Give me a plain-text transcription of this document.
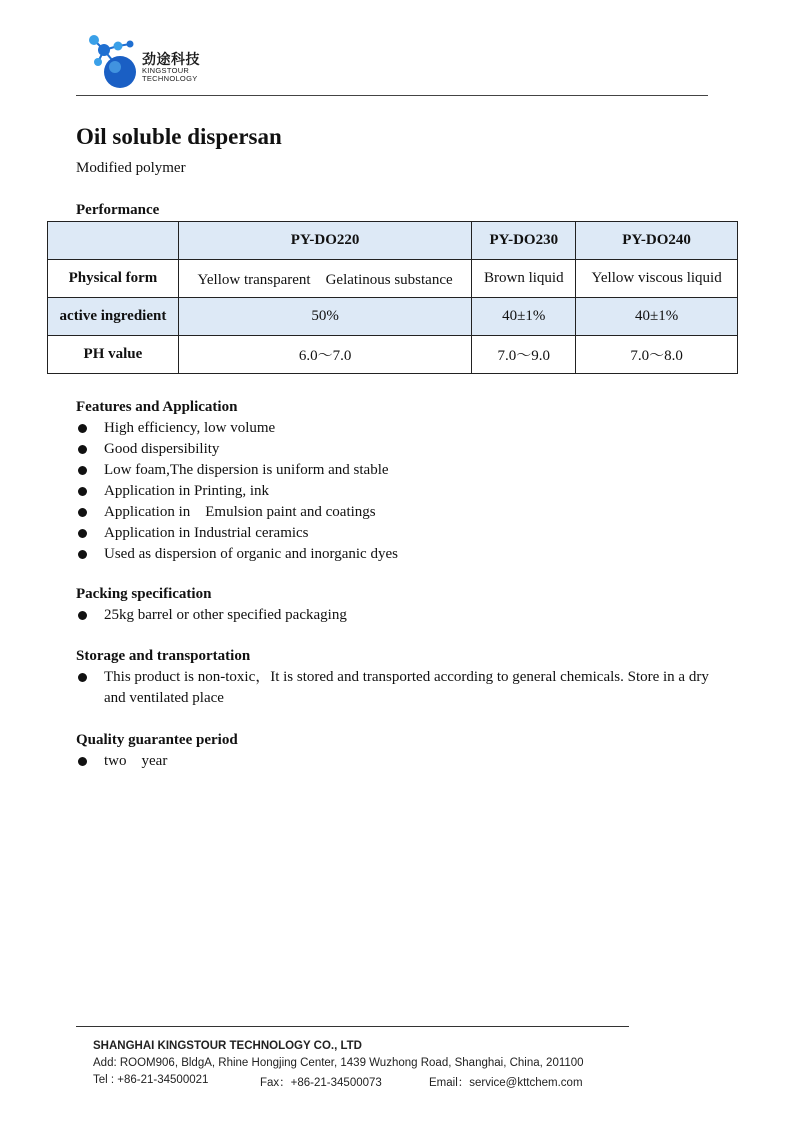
劲途科技
KINGSTOUR
TECHNOLOGY
Oil soluble dispersan
Modified polymer
Performance
	PY-DO220	PY-DO230	PY-DO240
Physical form	Yellow transparent　Gelatinous substance	Brown liquid	Yellow viscous liquid
active ingredient	50%	40±1%	40±1%
PH value	6.0～7.0	7.0～9.0	7.0～8.0
Features and Application
High efficiency, low volume
Good dispersibility
Low foam,The dispersion is uniform and stable
Application in Printing, ink
Application in　Emulsion paint and coatings
Application in Industrial ceramics
Used as dispersion of organic and inorganic dyes
Packing specification
25kg barrel or other specified packaging
Storage and transportation
This product is non-toxic，It is stored and transported according to general chemicals. Store in a dry and ventilated place
Quality guarantee period
two　year
SHANGHAI KINGSTOUR TECHNOLOGY CO., LTD
Add: ROOM906, BldgA, Rhine Hongjing Center, 1439 Wuzhong Road, Shanghai, China, 201100
Tel : +86-21-34500021	Fax：+86-21-34500073	Email：service@kttchem.com
